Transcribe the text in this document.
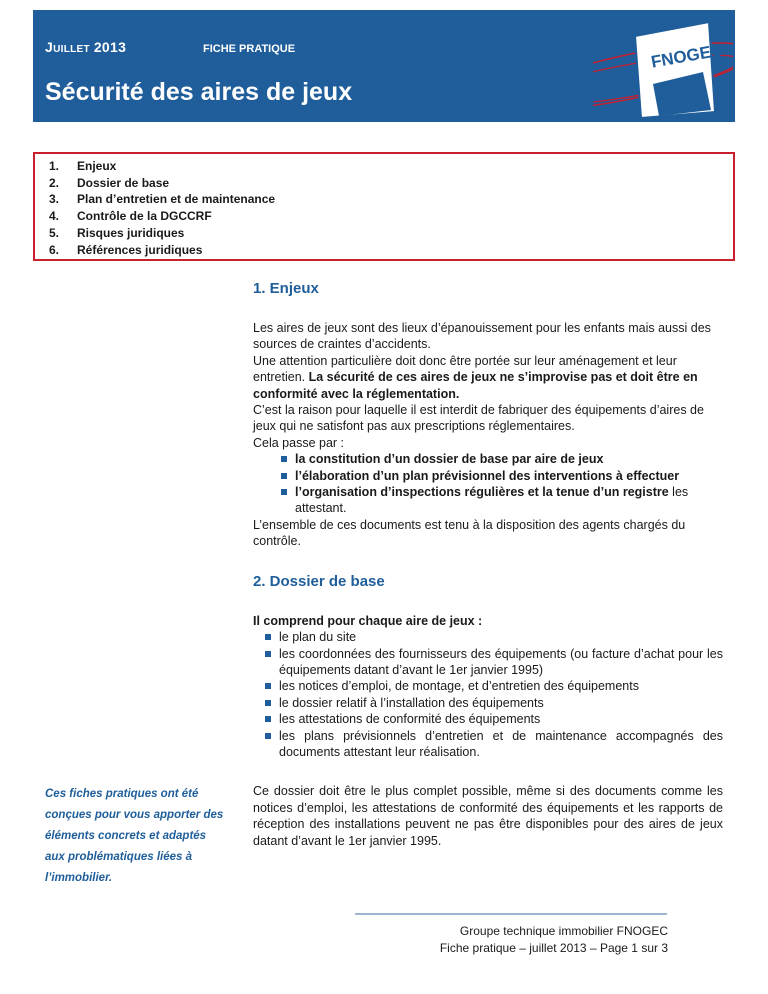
JUILLET 2013	FICHE PRATIQUE
Sécurité des aires de jeux
FNOGEC
1.	Enjeux
2.	Dossier de base
3.	Plan d’entretien et de maintenance
4.	Contrôle de la DGCCRF
5.	Risques juridiques
6.	Références juridiques
Ces fiches pratiques ont été conçues pour vous apporter des éléments concrets et adaptés aux problématiques liées à l’immobilier.
1. Enjeux
Les aires de jeux sont des lieux d’épanouissement pour les enfants mais aussi des sources de craintes d’accidents.
Une attention particulière doit donc être portée sur leur aménagement et leur entretien. La sécurité de ces aires de jeux ne s’improvise pas et doit être en conformité avec la réglementation.
C’est la raison pour laquelle il est interdit de fabriquer des équipements d’aires de jeux qui ne satisfont pas aux prescriptions réglementaires.
Cela passe par :
la constitution d’un dossier de base par aire de jeux
l’élaboration d’un plan prévisionnel des interventions à effectuer
l’organisation d’inspections régulières et la tenue d’un registre les attestant.
L’ensemble de ces documents est tenu à la disposition des agents chargés du contrôle.
2. Dossier de base
Il comprend pour chaque aire de jeux :
le plan du site
les coordonnées des fournisseurs des équipements (ou facture d’achat pour les équipements datant d’avant le 1er janvier 1995)
les notices d’emploi, de montage, et d’entretien des équipements
le dossier relatif à l’installation des équipements
les attestations de conformité des équipements
les plans prévisionnels d’entretien et de maintenance accompagnés des documents attestant leur réalisation.
Ce dossier doit être le plus complet possible, même si des documents comme les notices d’emploi, les attestations de conformité des équipements et les rapports de réception des installations peuvent ne pas être disponibles pour des aires de jeux datant d’avant le 1er janvier 1995.
Groupe technique immobilier FNOGEC
Fiche pratique – juillet 2013 – Page 1 sur 3
